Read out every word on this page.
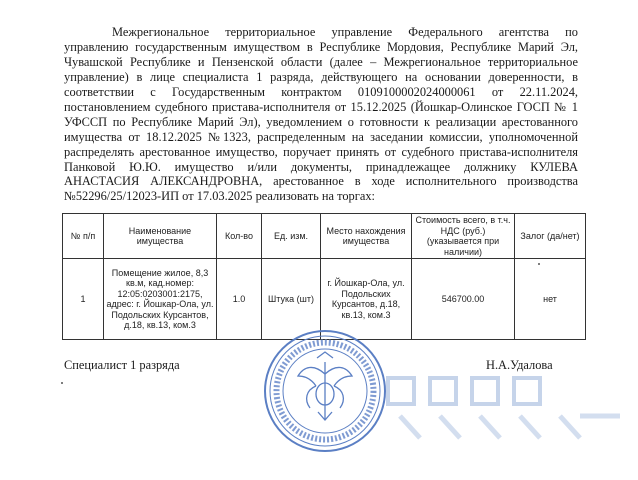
Межрегиональное территориальное управление Федерального агентства по управлению государственным имуществом в Республике Мордовия, Республике Марий Эл, Чувашской Республике и Пензенской области (далее – Межрегиональное территориальное управление) в лице специалиста 1 разряда, действующего на основании доверенности, в соответствии с Государственным контрактом 0109100002024000061 от 22.11.2024, постановлением судебного пристава-исполнителя от 15.12.2025 (Йошкар-Олинское ГОСП № 1 УФССП по Республике Марий Эл), уведомлением о готовности к реализации арестованного имущества от 18.12.2025 №1323, распределенным на заседании комиссии, уполномоченной распределять арестованное имущество, поручает принять от судебного пристава-исполнителя Панковой Ю.Ю. имущество и/или документы, принадлежащее должнику КУЛЕВА АНАСТАСИЯ АЛЕКСАНДРОВНА, арестованное в ходе исполнительного производства №52296/25/12023-ИП от 17.03.2025 реализовать на торгах:

№ п/п	Наименование имущества	Кол-во	Ед. изм.	Место нахождения имущества	Стоимость всего, в т.ч. НДС (руб.) (указывается при наличии)	Залог (да/нет)
1	Помещение жилое, 8,3 кв.м, кад.номер: 12:05:0203001:2175, адрес: г. Йошкар-Ола, ул. Подольских Курсантов, д.18, кв.13, ком.3	1.0	Штука (шт)	г. Йошкар-Ола, ул. Подольских Курсантов, д.18, кв.13, ком.3	546700.00	нет
Специалист 1 разряда	Н.А.Удалова
